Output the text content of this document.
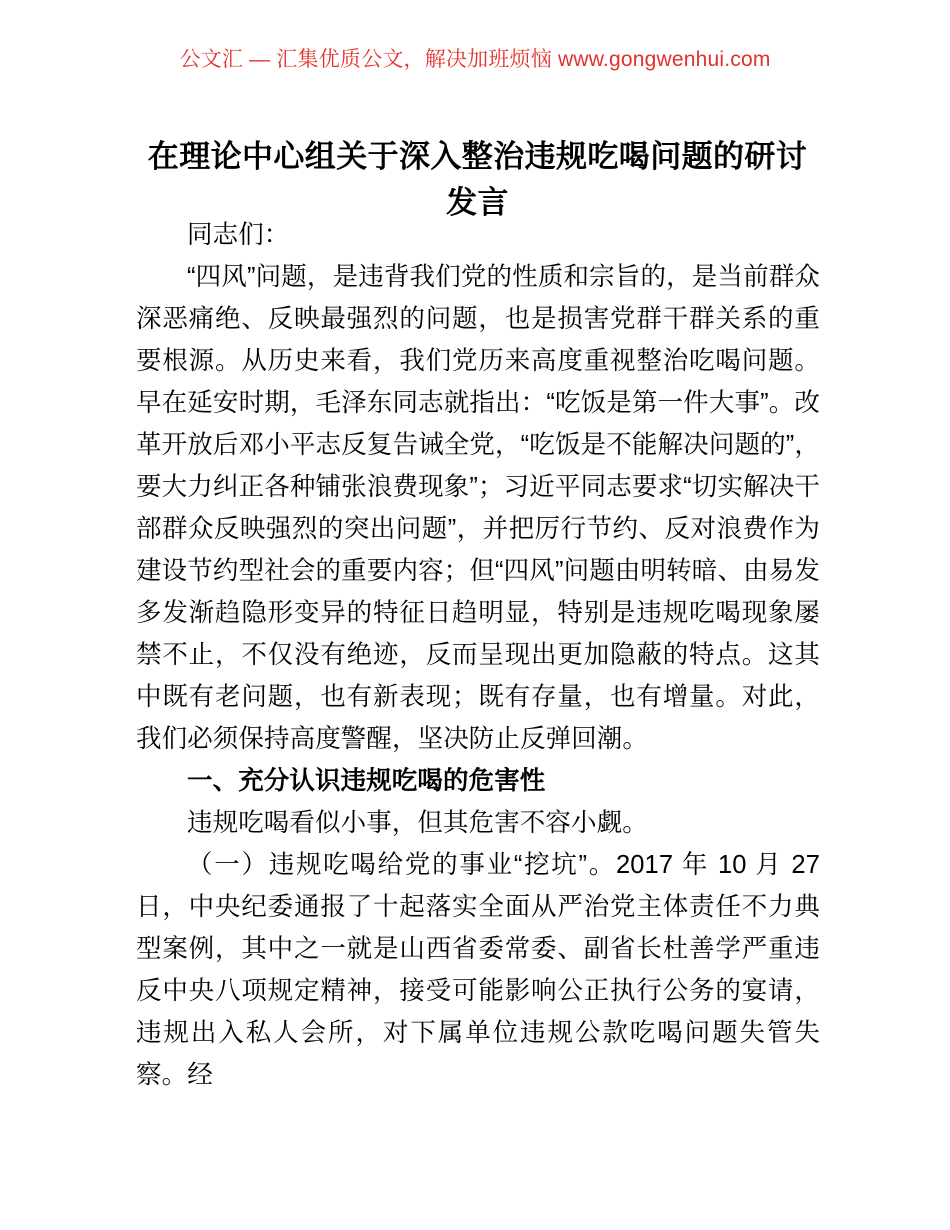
公文汇 — 汇集优质公文，解决加班烦恼 www.gongwenhui.com
在理论中心组关于深入整治违规吃喝问题的研讨发言

同志们：

“四风”问题，是违背我们党的性质和宗旨的，是当前群众深恶痛绝、反映最强烈的问题，也是损害党群干群关系的重要根源。从历史来看，我们党历来高度重视整治吃喝问题。早在延安时期，毛泽东同志就指出：“吃饭是第一件大事”。改革开放后邓小平志反复告诫全党，“吃饭是不能解决问题的”，要大力纠正各种铺张浪费现象”；习近平同志要求“切实解决干部群众反映强烈的突出问题”，并把厉行节约、反对浪费作为建设节约型社会的重要内容；但“四风”问题由明转暗、由易发多发渐趋隐形变异的特征日趋明显，特别是违规吃喝现象屡禁不止，不仅没有绝迹，反而呈现出更加隐蔽的特点。这其中既有老问题，也有新表现；既有存量，也有增量。对此，我们必须保持高度警醒，坚决防止反弹回潮。

一、充分认识违规吃喝的危害性

违规吃喝看似小事，但其危害不容小觑。

（一）违规吃喝给党的事业“挖坑”。2017 年 10 月 27 日，中央纪委通报了十起落实全面从严治党主体责任不力典型案例，其中之一就是山西省委常委、副省长杜善学严重违反中央八项规定精神，接受可能影响公正执行公务的宴请，违规出入私人会所，对下属单位违规公款吃喝问题失管失察。经
